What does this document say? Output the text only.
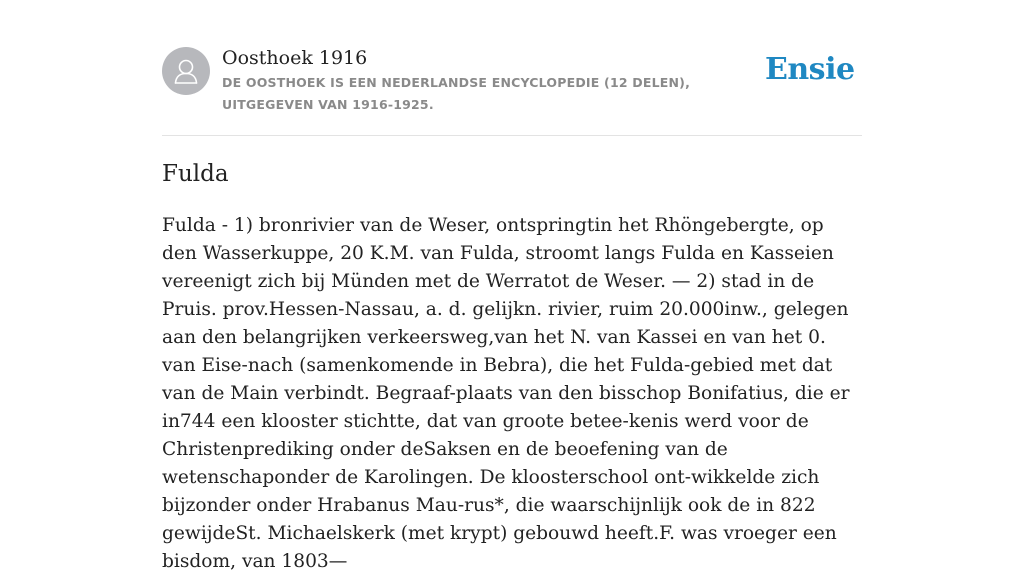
Oosthoek 1916
DE OOSTHOEK IS EEN NEDERLANDSE ENCYCLOPEDIE (12 DELEN), UITGEGEVEN VAN 1916-1925.
Ensie
Fulda

Fulda - 1) bronrivier van de Weser, ontspringtin het Rhöngebergte, op den Wasserkuppe, 20 K.M. van Fulda, stroomt langs Fulda en Kasseien vereenigt zich bij Münden met de Werratot de Weser. — 2) stad in de Pruis. prov.Hessen-Nassau, a. d. gelijkn. rivier, ruim 20.000inw., gelegen aan den belangrijken verkeersweg,van het N. van Kassei en van het 0. van Eise-nach (samenkomende in Bebra), die het Fulda-gebied met dat van de Main verbindt. Begraaf-plaats van den bisschop Bonifatius, die er in744 een klooster stichtte, dat van groote betee-kenis werd voor de Christenprediking onder deSaksen en de beoefening van de wetenschaponder de Karolingen. De kloosterschool ont-wikkelde zich bijzonder onder Hrabanus Mau-rus*, die waarschijnlijk ook de in 822 gewijdeSt. Michaelskerk (met krypt) gebouwd heeft.F. was vroeger een bisdom, van 1803—
